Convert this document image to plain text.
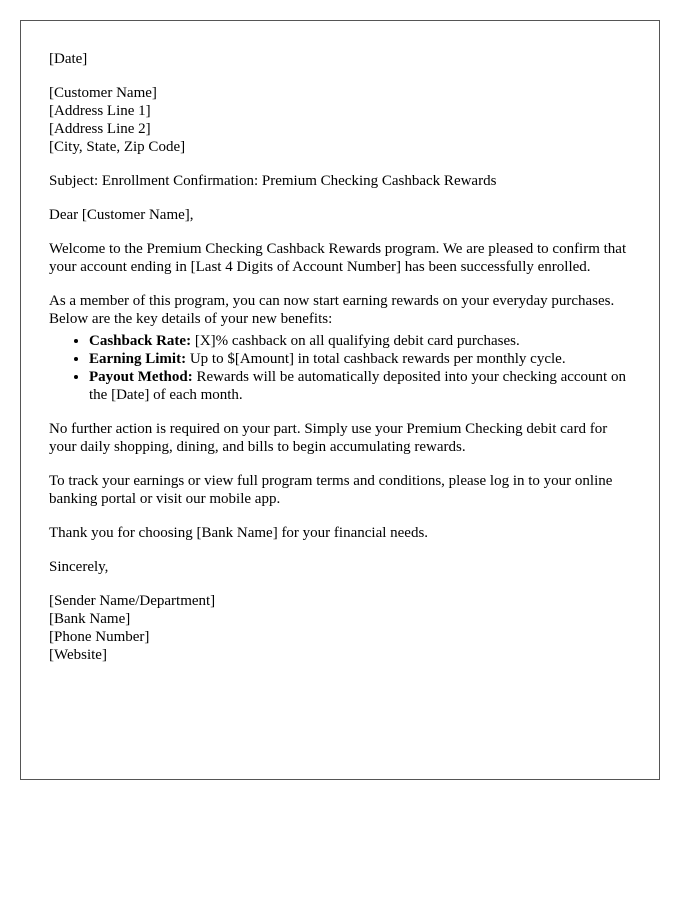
[Date]

[Customer Name]
[Address Line 1]
[Address Line 2]
[City, State, Zip Code]

Subject: Enrollment Confirmation: Premium Checking Cashback Rewards

Dear [Customer Name],

Welcome to the Premium Checking Cashback Rewards program. We are pleased to confirm that your account ending in [Last 4 Digits of Account Number] has been successfully enrolled.

As a member of this program, you can now start earning rewards on your everyday purchases. Below are the key details of your new benefits:

• Cashback Rate: [X]% cashback on all qualifying debit card purchases.
• Earning Limit: Up to $[Amount] in total cashback rewards per monthly cycle.
• Payout Method: Rewards will be automatically deposited into your checking account on the [Date] of each month.

No further action is required on your part. Simply use your Premium Checking debit card for your daily shopping, dining, and bills to begin accumulating rewards.

To track your earnings or view full program terms and conditions, please log in to your online banking portal or visit our mobile app.

Thank you for choosing [Bank Name] for your financial needs.

Sincerely,

[Sender Name/Department]
[Bank Name]
[Phone Number]
[Website]
